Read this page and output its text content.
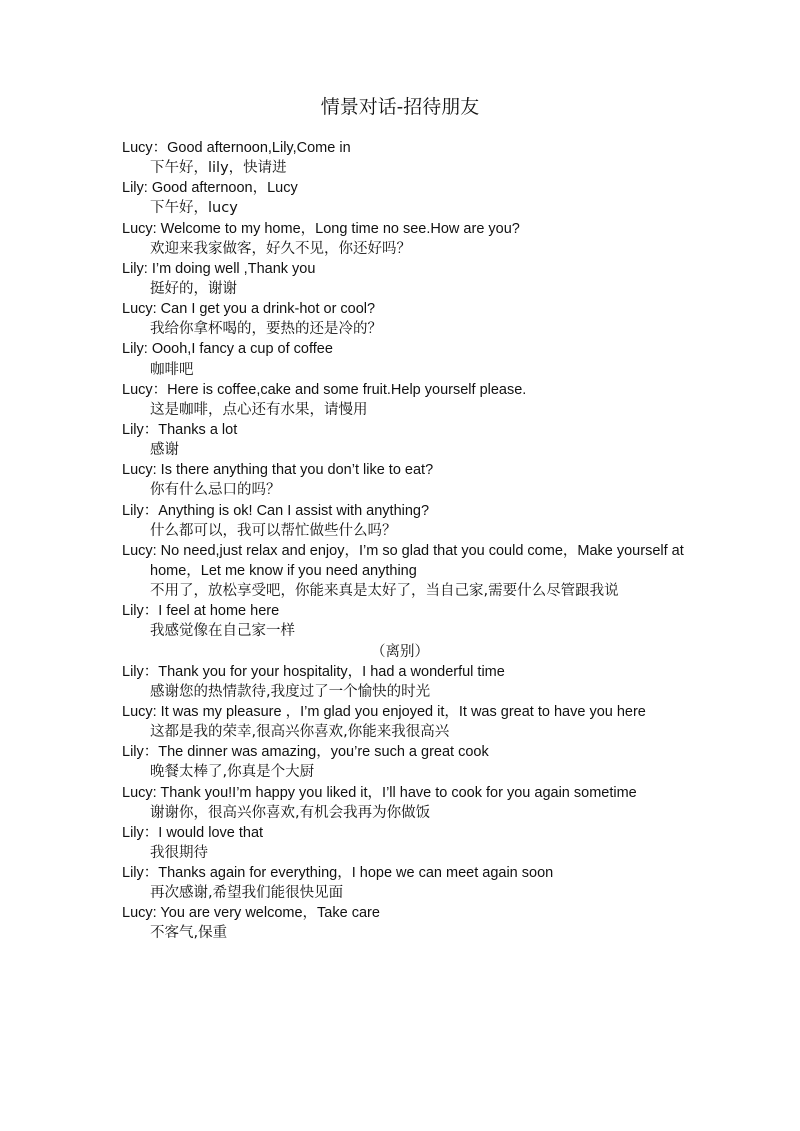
情景对话-招待朋友
Lucy：Good afternoon,Lily,Come in
下午好，lily，快请进
Lily: Good afternoon，Lucy
下午好，lucy
Lucy: Welcome to my home，Long time no see.How are you?
欢迎来我家做客，好久不见，你还好吗？
Lily: I’m doing well ,Thank you
挺好的，谢谢
Lucy: Can I get you a drink-hot or cool?
我给你拿杯喝的，要热的还是冷的？
Lily: Oooh,I fancy a cup of coffee
咖啡吧
Lucy：Here is coffee,cake and some fruit.Help yourself please.
这是咖啡，点心还有水果，请慢用
Lily：Thanks a lot
感谢
Lucy: Is there anything that you don’t like to eat?
你有什么忌口的吗？
Lily：Anything is ok! Can I assist with anything?
什么都可以，我可以帮忙做些什么吗？
Lucy: No need,just relax and enjoy，I’m so glad that you could come，Make yourself at
home，Let me know if you need anything
不用了，放松享受吧，你能来真是太好了，当自己家,需要什么尽管跟我说
Lily：I feel at home here
我感觉像在自己家一样
（离别）
Lily：Thank you for your hospitality，I had a wonderful time
感谢您的热情款待,我度过了一个愉快的时光
Lucy: It was my pleasure ，I’m glad you enjoyed it，It was great to have you here
这都是我的荣幸,很高兴你喜欢,你能来我很高兴
Lily：The dinner was amazing，you’re such a great cook
晚餐太棒了,你真是个大厨
Lucy: Thank you!I’m happy you liked it，I’ll have to cook for you again sometime
谢谢你，很高兴你喜欢,有机会我再为你做饭
Lily：I would love that
我很期待
Lily：Thanks again for everything，I hope we can meet again soon
再次感谢,希望我们能很快见面
Lucy: You are very welcome，Take care
不客气,保重
